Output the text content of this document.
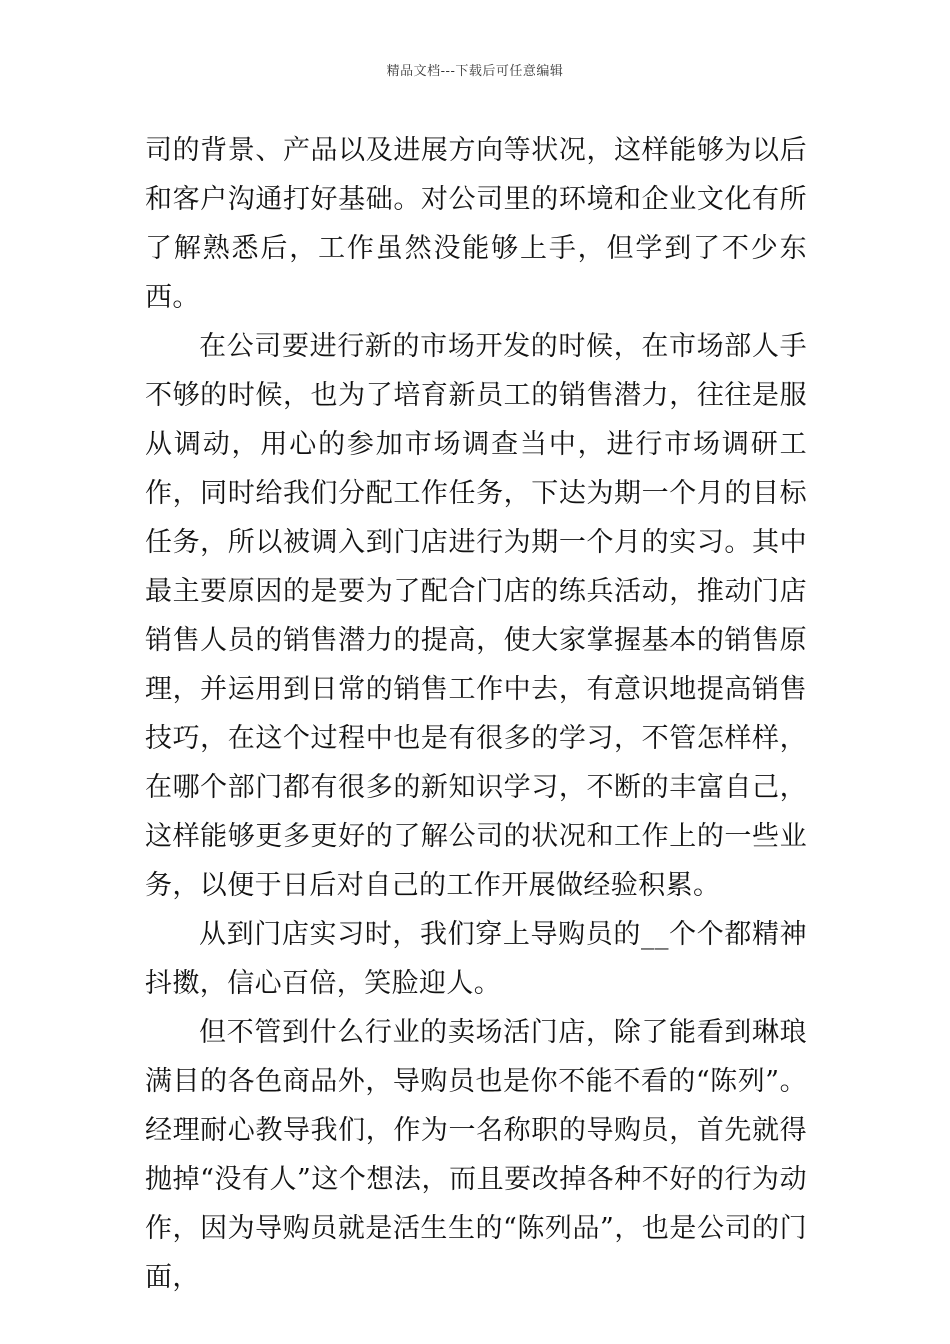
精品文档---下载后可任意编辑

司的背景、产品以及进展方向等状况，这样能够为以后和客户沟通打好基础。对公司里的环境和企业文化有所了解熟悉后，工作虽然没能够上手，但学到了不少东西。

在公司要进行新的市场开发的时候，在市场部人手不够的时候，也为了培育新员工的销售潜力，往往是服从调动，用心的参加市场调查当中，进行市场调研工作，同时给我们分配工作任务，下达为期一个月的目标任务，所以被调入到门店进行为期一个月的实习。其中最主要原因的是要为了配合门店的练兵活动，推动门店销售人员的销售潜力的提高，使大家掌握基本的销售原理，并运用到日常的销售工作中去，有意识地提高销售技巧，在这个过程中也是有很多的学习，不管怎样样，在哪个部门都有很多的新知识学习，不断的丰富自己，这样能够更多更好的了解公司的状况和工作上的一些业务，以便于日后对自己的工作开展做经验积累。

从到门店实习时，我们穿上导购员的__个个都精神抖擞，信心百倍，笑脸迎人。

但不管到什么行业的卖场活门店，除了能看到琳琅满目的各色商品外，导购员也是你不能不看的“陈列”。经理耐心教导我们，作为一名称职的导购员，首先就得抛掉“没有人”这个想法，而且要改掉各种不好的行为动作，因为导购员就是活生生的“陈列品”，也是公司的门面，
